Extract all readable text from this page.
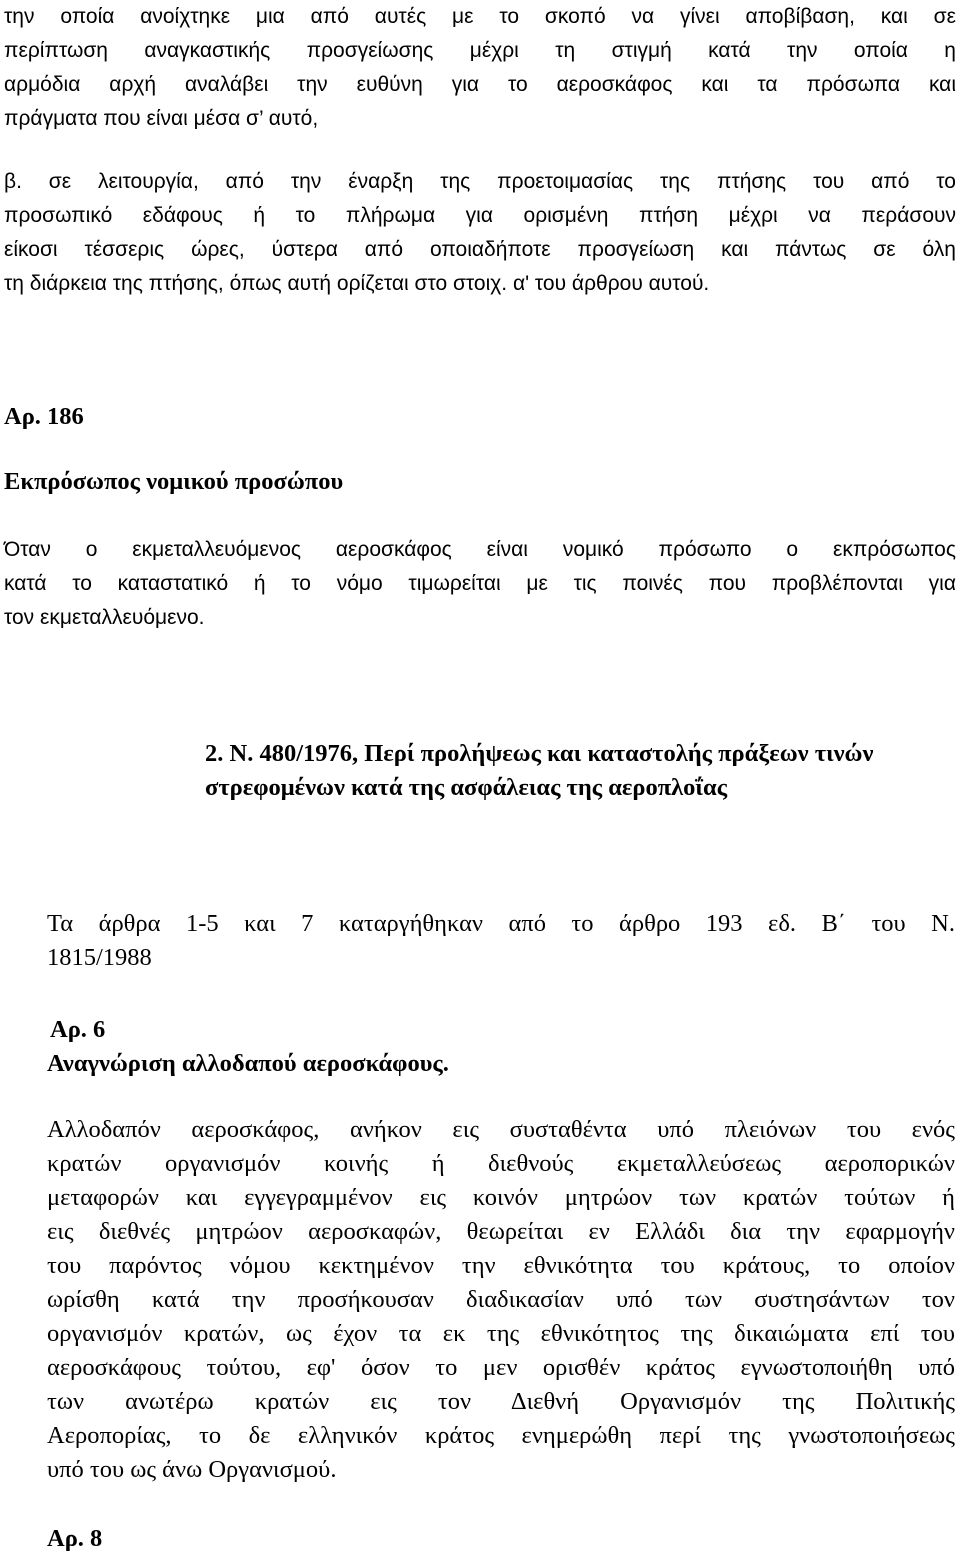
την οποία ανοίχτηκε μια από αυτές με το σκοπό να γίνει αποβίβαση, και σε
περίπτωση αναγκαστικής προσγείωσης μέχρι τη στιγμή κατά την οποία η
αρμόδια αρχή αναλάβει την ευθύνη για το αεροσκάφος και τα πρόσωπα και
πράγματα που είναι μέσα σ’ αυτό,
β. σε λειτουργία, από την έναρξη της προετοιμασίας της πτήσης του από το
προσωπικό εδάφους ή το πλήρωμα για ορισμένη πτήση μέχρι να περάσουν
είκοσι τέσσερις ώρες, ύστερα από οποιαδήποτε προσγείωση και πάντως σε όλη
τη διάρκεια της πτήσης, όπως αυτή ορίζεται στο στοιχ. α' του άρθρου αυτού.
Αρ. 186
Εκπρόσωπος νομικού προσώπου
Όταν ο εκμεταλλευόμενος αεροσκάφος είναι νομικό πρόσωπο ο εκπρόσωπος
κατά το καταστατικό ή το νόμο τιμωρείται με τις ποινές που προβλέπονται για
τον εκμεταλλευόμενο.
2. Ν. 480/1976, Περί προλήψεως και καταστολής πράξεων τινών
στρεφομένων κατά της ασφάλειας της αεροπλοΐας
Τα άρθρα 1-5 και 7 καταργήθηκαν από το άρθρο 193 εδ. Β΄ του Ν.
1815/1988
Αρ. 6
Αναγνώριση αλλοδαπού αεροσκάφους.
Αλλοδαπόν αεροσκάφος, ανήκον εις συσταθέντα υπό πλειόνων του ενός
κρατών οργανισμόν κοινής ή διεθνούς εκμεταλλεύσεως αεροπορικών
μεταφορών και εγγεγραμμένον εις κοινόν μητρώον των κρατών τούτων ή
εις διεθνές μητρώον αεροσκαφών, θεωρείται εν Ελλάδι δια την εφαρμογήν
του παρόντος νόμου κεκτημένον την εθνικότητα του κράτους, το οποίον
ωρίσθη κατά την προσήκουσαν διαδικασίαν υπό των συστησάντων τον
οργανισμόν κρατών, ως έχον τα εκ της εθνικότητος της δικαιώματα επί του
αεροσκάφους τούτου, εφ' όσον το μεν ορισθέν κράτος εγνωστοποιήθη υπό
των ανωτέρω κρατών εις τον Διεθνή Οργανισμόν της Πολιτικής
Αεροπορίας, το δε ελληνικόν κράτος ενημερώθη περί της γνωστοποιήσεως
υπό του ως άνω Οργανισμού.
Αρ. 8
